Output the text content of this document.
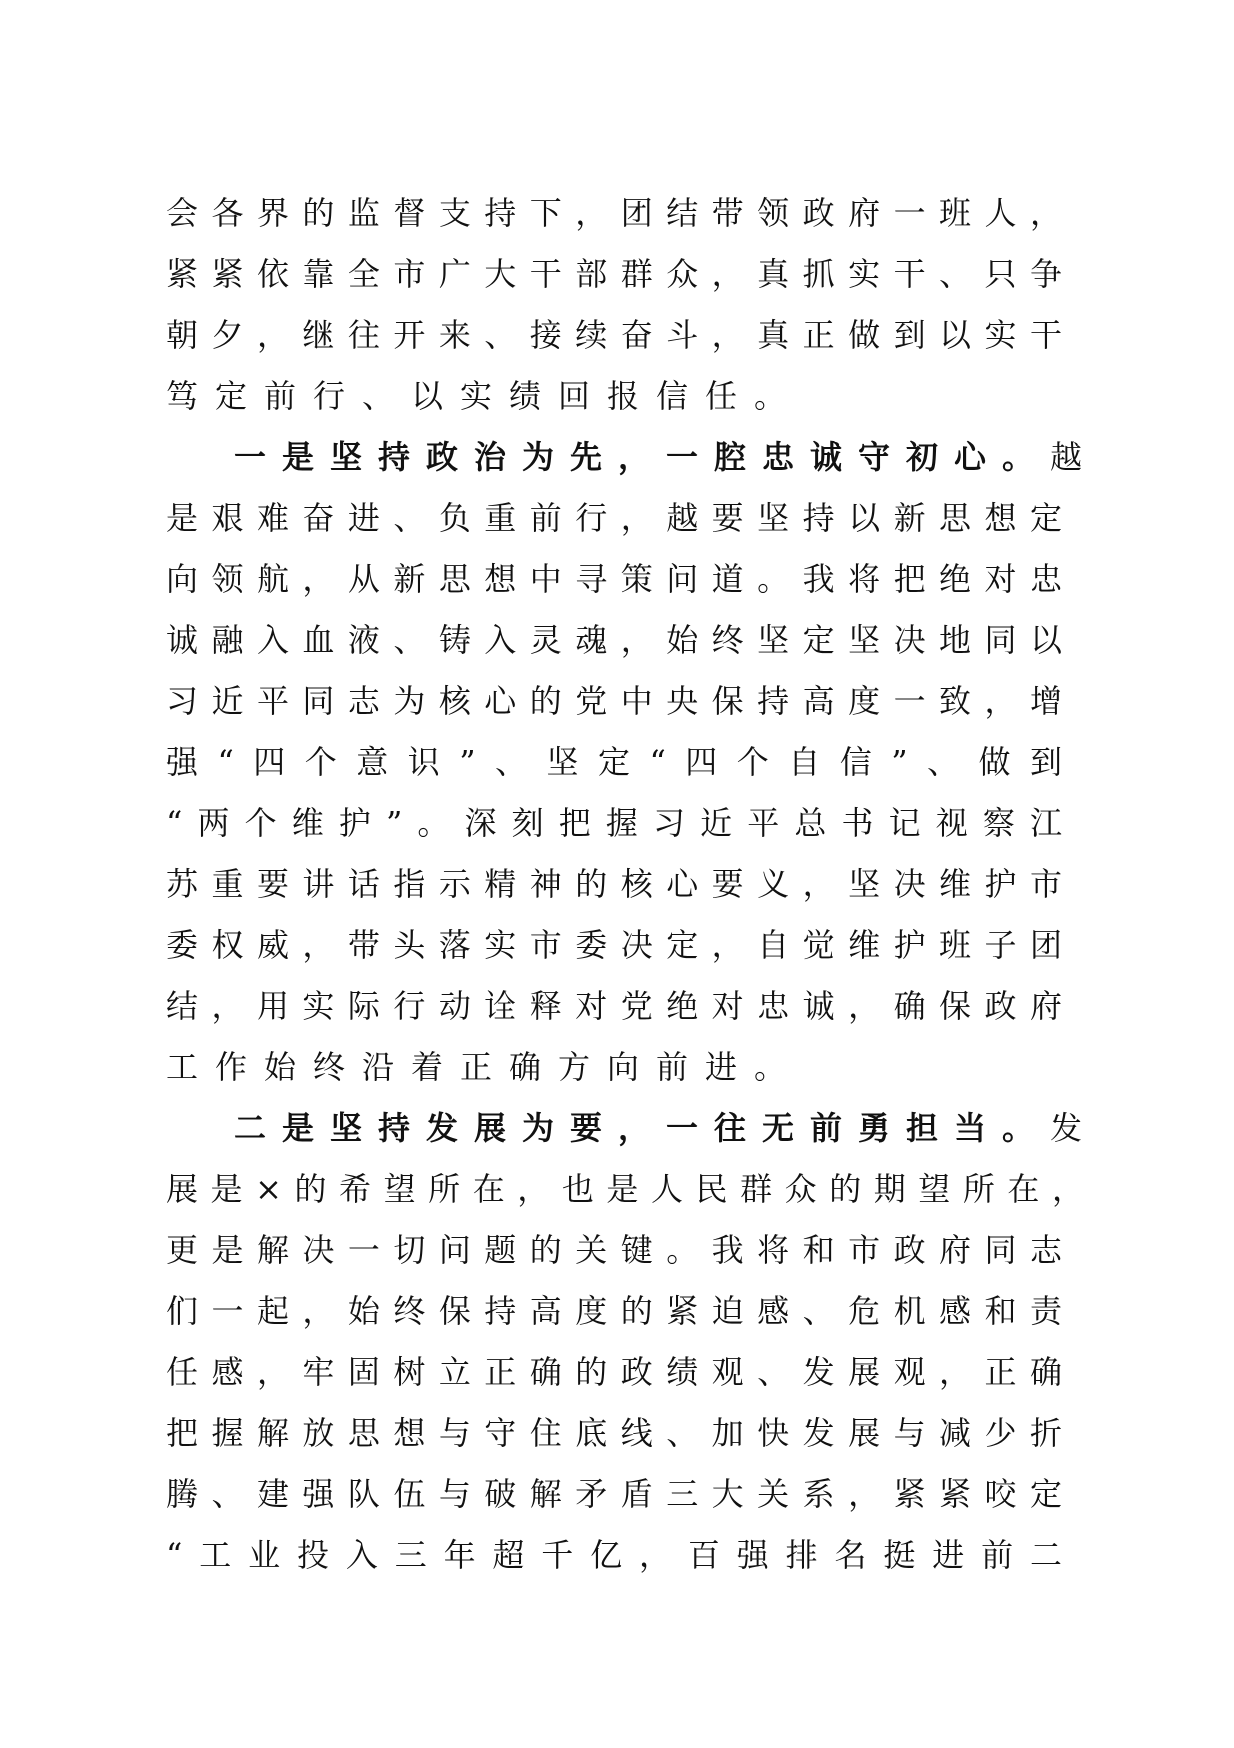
会各界的监督支持下，团结带领政府一班人，
紧紧依靠全市广大干部群众，真抓实干、只争
朝夕，继往开来、接续奋斗，真正做到以实干
笃定前行、以实绩回报信任。
一是坚持政治为先，一腔忠诚守初心。越
是艰难奋进、负重前行，越要坚持以新思想定
向领航，从新思想中寻策问道。我将把绝对忠
诚融入血液、铸入灵魂，始终坚定坚决地同以
习近平同志为核心的党中央保持高度一致，增
强“四个意识”、坚定“四个自信”、做到
“两个维护”。深刻把握习近平总书记视察江
苏重要讲话指示精神的核心要义，坚决维护市
委权威，带头落实市委决定，自觉维护班子团
结，用实际行动诠释对党绝对忠诚，确保政府
工作始终沿着正确方向前进。
二是坚持发展为要，一往无前勇担当。发
展是×的希望所在，也是人民群众的期望所在，
更是解决一切问题的关键。我将和市政府同志
们一起，始终保持高度的紧迫感、危机感和责
任感，牢固树立正确的政绩观、发展观，正确
把握解放思想与守住底线、加快发展与减少折
腾、建强队伍与破解矛盾三大关系，紧紧咬定
“工业投入三年超千亿，百强排名挺进前二
